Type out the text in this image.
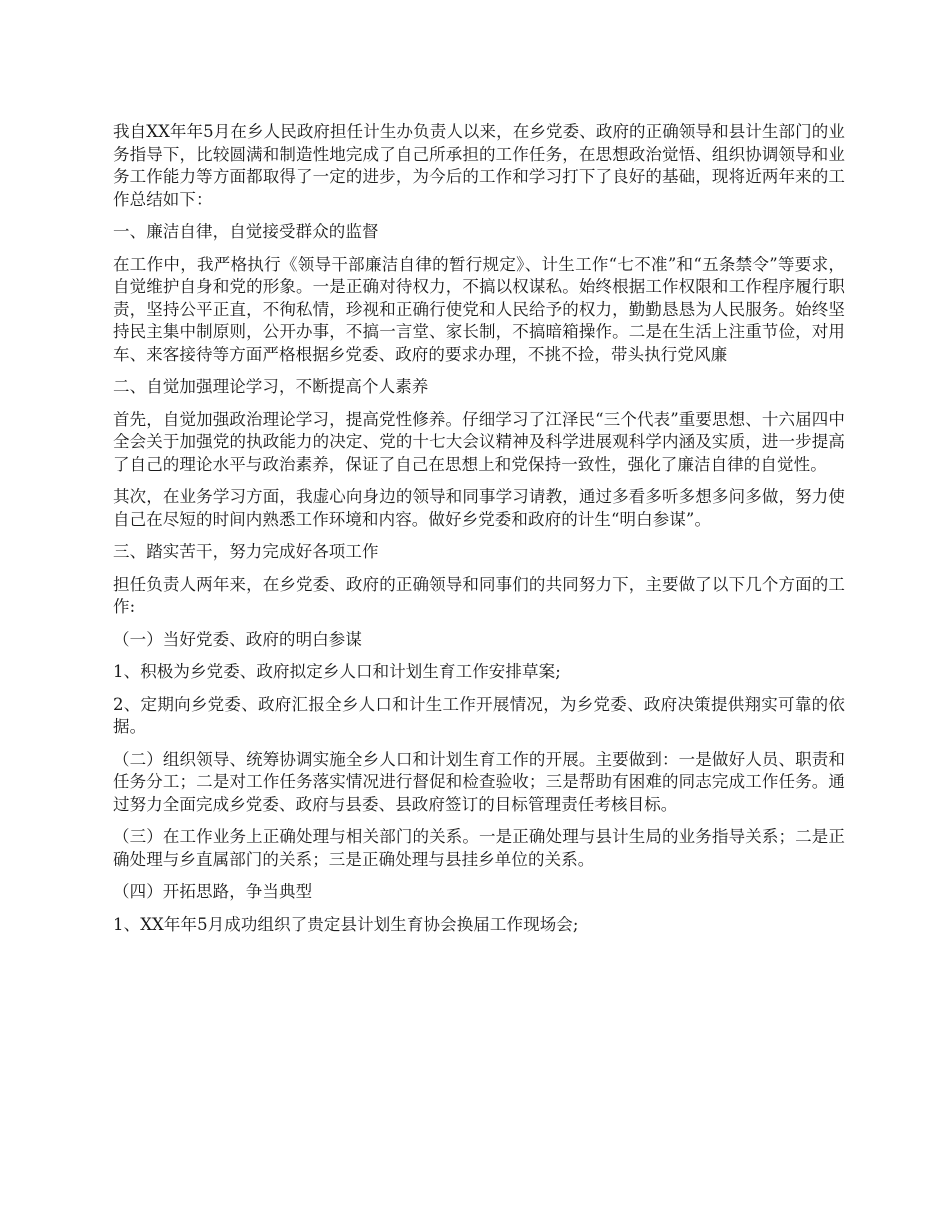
我自XX年年5月在乡人民政府担任计生办负责人以来，在乡党委、政府的正确领导和县计生部门的业务指导下，比较圆满和制造性地完成了自己所承担的工作任务，在思想政治觉悟、组织协调领导和业务工作能力等方面都取得了一定的进步，为今后的工作和学习打下了良好的基础，现将近两年来的工作总结如下：

一、廉洁自律，自觉接受群众的监督

在工作中，我严格执行《领导干部廉洁自律的暂行规定》、计生工作“七不准”和“五条禁令”等要求，自觉维护自身和党的形象。一是正确对待权力，不搞以权谋私。始终根据工作权限和工作程序履行职责，坚持公平正直，不徇私情，珍视和正确行使党和人民给予的权力，勤勤恳恳为人民服务。始终坚持民主集中制原则，公开办事，不搞一言堂、家长制，不搞暗箱操作。二是在生活上注重节俭，对用车、来客接待等方面严格根据乡党委、政府的要求办理，不挑不捡，带头执行党风廉

二、自觉加强理论学习，不断提高个人素养

首先，自觉加强政治理论学习，提高党性修养。仔细学习了江泽民“三个代表”重要思想、十六届四中全会关于加强党的执政能力的决定、党的十七大会议精神及科学进展观科学内涵及实质，进一步提高了自己的理论水平与政治素养，保证了自己在思想上和党保持一致性，强化了廉洁自律的自觉性。

其次，在业务学习方面，我虚心向身边的领导和同事学习请教，通过多看多听多想多问多做，努力使自己在尽短的时间内熟悉工作环境和内容。做好乡党委和政府的计生“明白参谋”。

三、踏实苦干，努力完成好各项工作

担任负责人两年来，在乡党委、政府的正确领导和同事们的共同努力下，主要做了以下几个方面的工作:

（一）当好党委、政府的明白参谋

1、积极为乡党委、政府拟定乡人口和计划生育工作安排草案;

2、定期向乡党委、政府汇报全乡人口和计生工作开展情况，为乡党委、政府决策提供翔实可靠的依据。

（二）组织领导、统筹协调实施全乡人口和计划生育工作的开展。主要做到：一是做好人员、职责和任务分工；二是对工作任务落实情况进行督促和检查验收；三是帮助有困难的同志完成工作任务。通过努力全面完成乡党委、政府与县委、县政府签订的目标管理责任考核目标。

（三）在工作业务上正确处理与相关部门的关系。一是正确处理与县计生局的业务指导关系；二是正确处理与乡直属部门的关系；三是正确处理与县挂乡单位的关系。

（四）开拓思路，争当典型

1、XX年年5月成功组织了贵定县计划生育协会换届工作现场会;
